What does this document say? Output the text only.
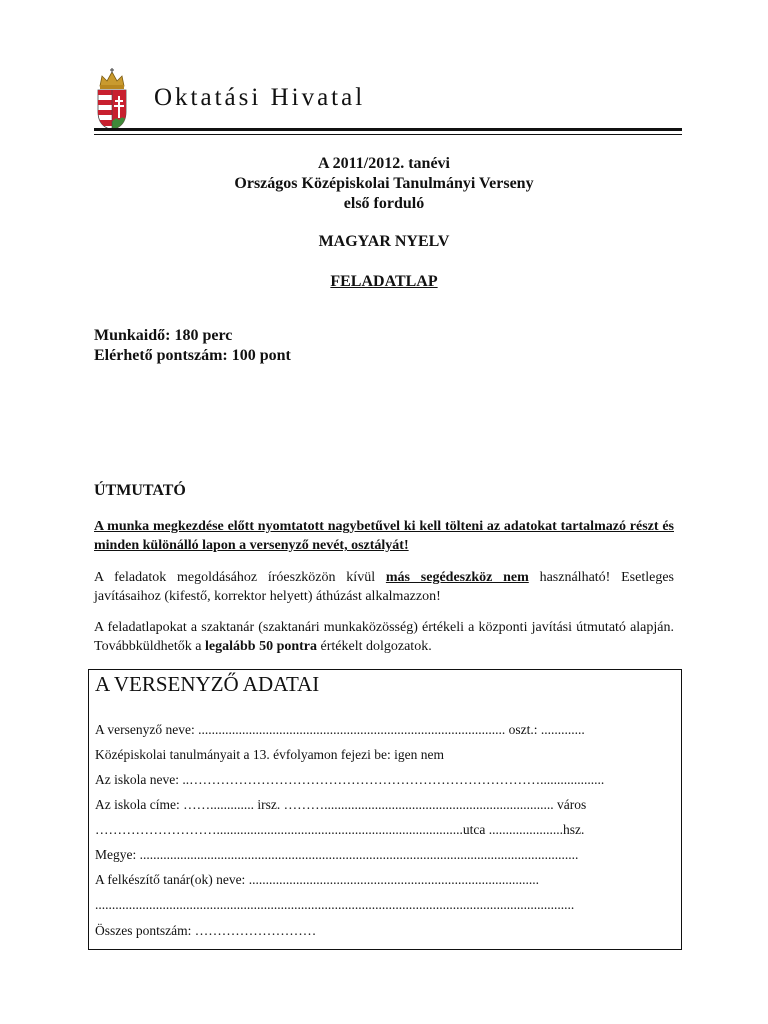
Oktatási Hivatal
A 2011/2012. tanévi
Országos Középiskolai Tanulmányi Verseny
első forduló
MAGYAR NYELV
FELADATLAP
Munkaidő: 180 perc
Elérhető pontszám: 100 pont
ÚTMUTATÓ
A munka megkezdése előtt nyomtatott nagybetűvel ki kell tölteni az adatokat tartalmazó részt és minden különálló lapon a versenyző nevét, osztályát!
A feladatok megoldásához íróeszközön kívül más segédeszköz nem használható! Esetleges javításaihoz (kifestő, korrektor helyett) áthúzást alkalmazzon!
A feladatlapokat a szaktanár (szaktanári munkaközösség) értékeli a központi javítási útmutató alapján. Továbbküldhetők a legalább 50 pontra értékelt dolgozatok.
A VERSENYZŐ ADATAI
A versenyző neve: ........................................................................................... oszt.: .............
Középiskolai tanulmányait a 13. évfolyamon fejezi be: igen nem
Az iskola neve: ..……………………………………………………………………...................
Az iskola címe: ……............. irsz. ……….................................................................... város
……………………….........................................................................utca ......................hsz.
Megye: ..................................................................................................................................
A felkészítő tanár(ok) neve: ......................................................................................
..............................................................................................................................................
Összes pontszám: ………………………
